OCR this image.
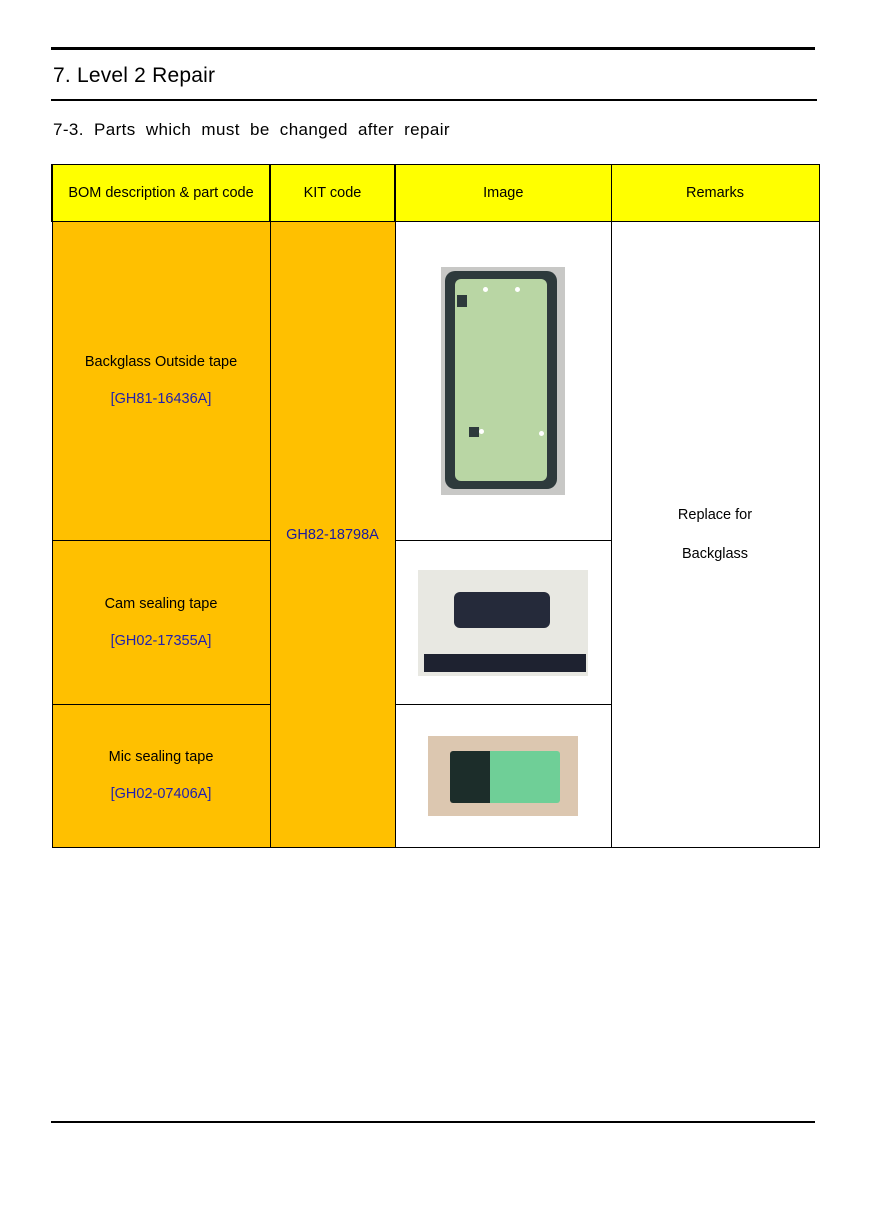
7. Level 2 Repair
7-3. Parts which must be changed after repair
BOM description & part code	KIT code	Image	Remarks

Backglass Outside tape
[GH81-16436A]	GH82-18798A		Replace for
Backglass

Cam sealing tape
[GH02-17355A]			

Mic sealing tape
[GH02-07406A]			
